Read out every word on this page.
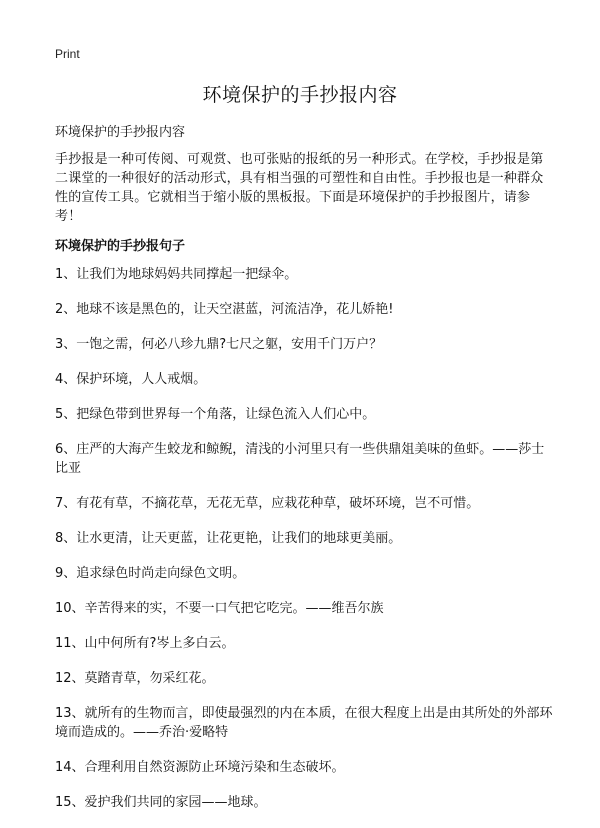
Print
环境保护的手抄报内容

环境保护的手抄报内容

手抄报是一种可传阅、可观赏、也可张贴的报纸的另一种形式。在学校，手抄报是第二课堂的一种很好的活动形式，具有相当强的可塑性和自由性。手抄报也是一种群众性的宣传工具。它就相当于缩小版的黑板报。下面是环境保护的手抄报图片，请参考！

环境保护的手抄报句子

1、让我们为地球妈妈共同撑起一把绿伞。
2、地球不该是黑色的，让天空湛蓝，河流洁净，花儿娇艳!
3、一饱之需，何必八珍九鼎?七尺之躯，安用千门万户？
4、保护环境，人人戒烟。
5、把绿色带到世界每一个角落，让绿色流入人们心中。
6、庄严的大海产生蛟龙和鲸鲵，清浅的小河里只有一些供鼎俎美味的鱼虾。——莎士比亚
7、有花有草，不摘花草，无花无草，应栽花种草，破坏环境，岂不可惜。
8、让水更清，让天更蓝，让花更艳，让我们的地球更美丽。
9、追求绿色时尚走向绿色文明。
10、辛苦得来的实，不要一口气把它吃完。——维吾尔族
11、山中何所有?岑上多白云。
12、莫踏青草，勿采红花。
13、就所有的生物而言，即使最强烈的内在本质，在很大程度上出是由其所处的外部环境而造成的。——乔治·爱略特
14、合理利用自然资源防止环境污染和生态破坏。
15、爱护我们共同的家园——地球。
